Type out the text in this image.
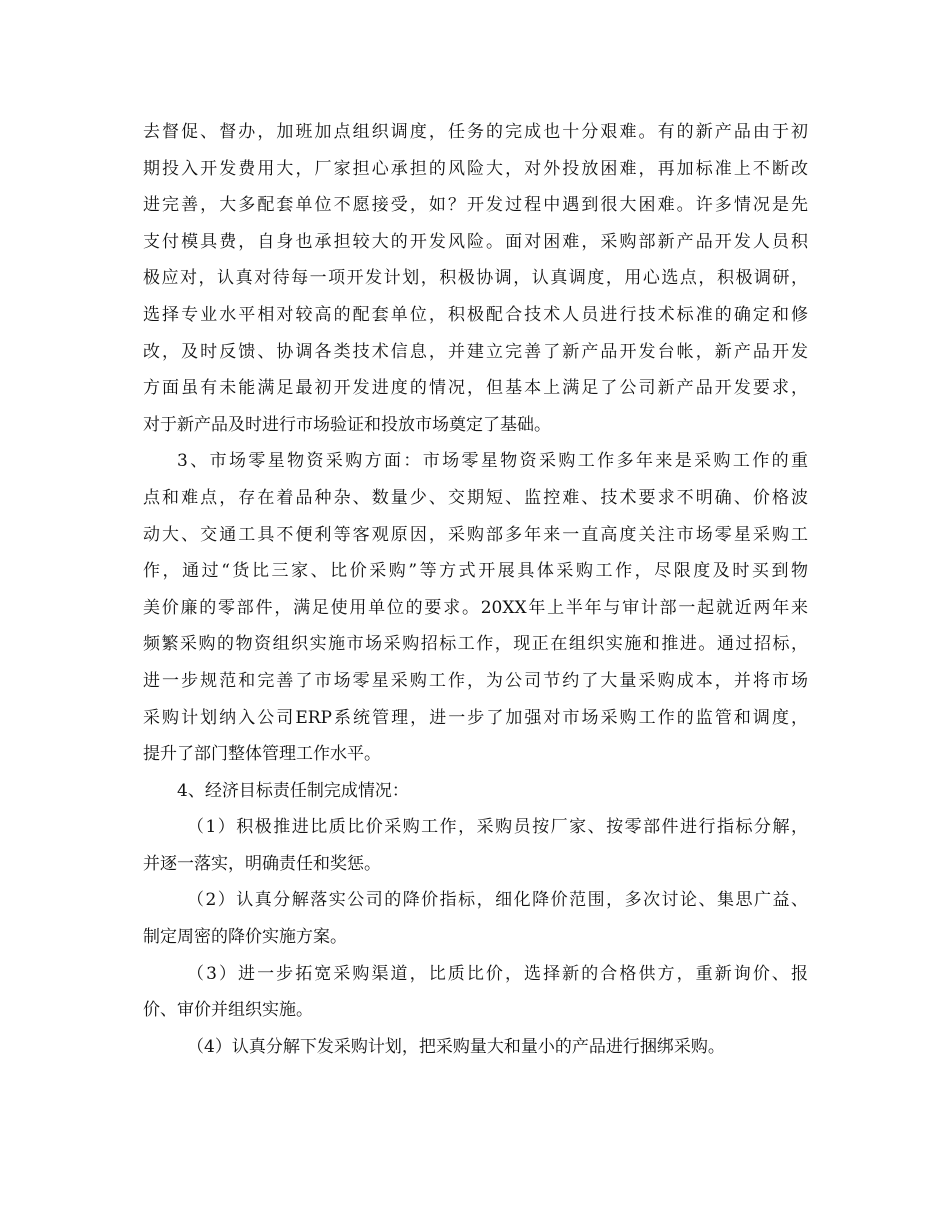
去督促、督办，加班加点组织调度，任务的完成也十分艰难。有的新产品由于初
期投入开发费用大，厂家担心承担的风险大，对外投放困难，再加标准上不断改
进完善，大多配套单位不愿接受，如？开发过程中遇到很大困难。许多情况是先
支付模具费，自身也承担较大的开发风险。面对困难，采购部新产品开发人员积
极应对，认真对待每一项开发计划，积极协调，认真调度，用心选点，积极调研，
选择专业水平相对较高的配套单位，积极配合技术人员进行技术标准的确定和修
改，及时反馈、协调各类技术信息，并建立完善了新产品开发台帐，新产品开发
方面虽有未能满足最初开发进度的情况，但基本上满足了公司新产品开发要求，
对于新产品及时进行市场验证和投放市场奠定了基础。
3、市场零星物资采购方面：市场零星物资采购工作多年来是采购工作的重
点和难点，存在着品种杂、数量少、交期短、监控难、技术要求不明确、价格波
动大、交通工具不便利等客观原因，采购部多年来一直高度关注市场零星采购工
作，通过“货比三家、比价采购”等方式开展具体采购工作，尽限度及时买到物
美价廉的零部件，满足使用单位的要求。20XX年上半年与审计部一起就近两年来
频繁采购的物资组织实施市场采购招标工作，现正在组织实施和推进。通过招标，
进一步规范和完善了市场零星采购工作，为公司节约了大量采购成本，并将市场
采购计划纳入公司ERP系统管理，进一步了加强对市场采购工作的监管和调度，
提升了部门整体管理工作水平。
4、经济目标责任制完成情况：
（1）积极推进比质比价采购工作，采购员按厂家、按零部件进行指标分解，
并逐一落实，明确责任和奖惩。
（2）认真分解落实公司的降价指标，细化降价范围，多次讨论、集思广益、
制定周密的降价实施方案。
（3）进一步拓宽采购渠道，比质比价，选择新的合格供方，重新询价、报
价、审价并组织实施。
（4）认真分解下发采购计划，把采购量大和量小的产品进行捆绑采购。
